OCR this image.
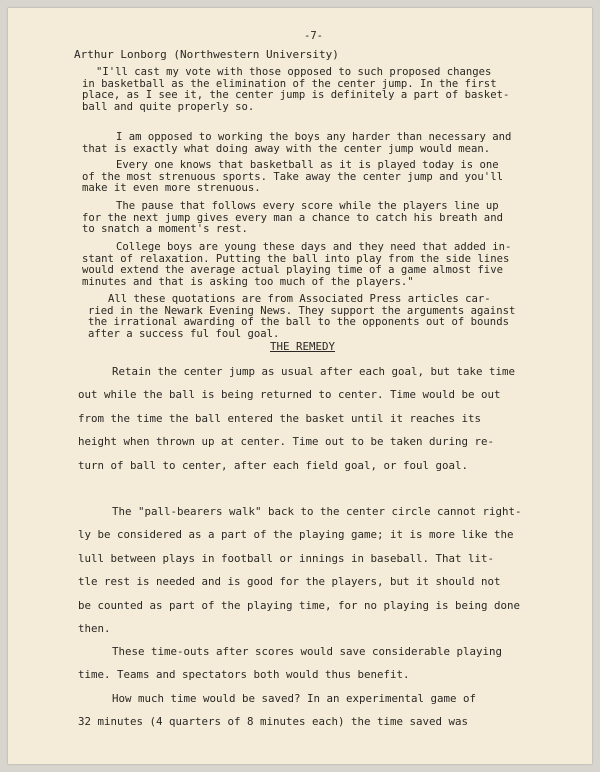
-7-
Arthur Lonborg (Northwestern University)
"I'll cast my vote with those opposed to such proposed changes
in basketball as the elimination of the center jump. In the first
place, as I see it, the center jump is definitely a part of basket-
ball and quite properly so.
I am opposed to working the boys any harder than necessary and
that is exactly what doing away with the center jump would mean.
Every one knows that basketball as it is played today is one
of the most strenuous sports. Take away the center jump and you'll
make it even more strenuous.
The pause that follows every score while the players line up
for the next jump gives every man a chance to catch his breath and
to snatch a moment's rest.
College boys are young these days and they need that added in-
stant of relaxation. Putting the ball into play from the side lines
would extend the average actual playing time of a game almost five
minutes and that is asking too much of the players."
All these quotations are from Associated Press articles car-
ried in the Newark Evening News. They support the arguments against
the irrational awarding of the ball to the opponents out of bounds
after a success ful foul goal.
THE REMEDY
Retain the center jump as usual after each goal, but take time
out while the ball is being returned to center. Time would be out
from the time the ball entered the basket until it reaches its
height when thrown up at center. Time out to be taken during re-
turn of ball to center, after each field goal, or foul goal.
The "pall-bearers walk" back to the center circle cannot right-
ly be considered as a part of the playing game; it is more like the
lull between plays in football or innings in baseball. That lit-
tle rest is needed and is good for the players, but it should not
be counted as part of the playing time, for no playing is being done
then.
These time-outs after scores would save considerable playing
time. Teams and spectators both would thus benefit.
How much time would be saved? In an experimental game of
32 minutes (4 quarters of 8 minutes each) the time saved was
